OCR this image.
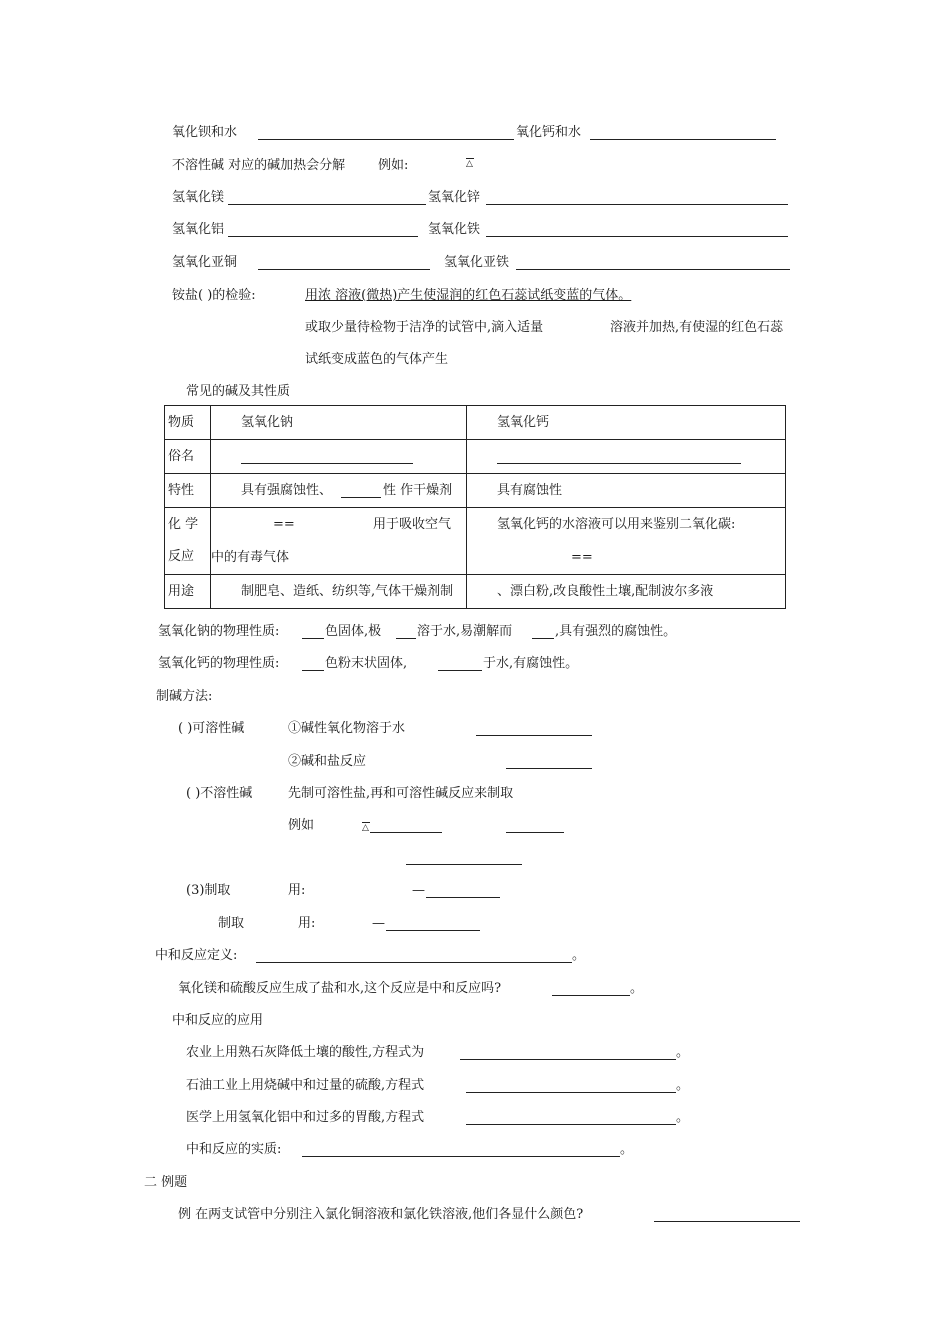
氧化钡和水	氧化钙和水
不溶性碱 对应的碱加热会分解	例如:	△
氢氧化镁	氢氧化锌
氢氧化铝	氢氧化铁
氢氧化亚铜	氢氧化亚铁
铵盐( )的检验:	用浓 溶液(微热)产生使湿润的红色石蕊试纸变蓝的气体。
或取少量待检物于洁净的试管中,滴入适量	溶液并加热,有使湿的红色石蕊
试纸变成蓝色的气体产生
常见的碱及其性质
物质	氢氧化钠	氢氧化钙

俗名		

特性	具有强腐蚀性、 性 作干燥剂	具有腐蚀性

化 学
反应	== 用于吸收空气
中的有毒气体	氢氧化钙的水溶液可以用来鉴别二氧化碳:
==

用途	制肥皂、造纸、纺织等,气体干燥剂制	、漂白粉,改良酸性土壤,配制波尔多液
氢氧化钠的物理性质:	色固体,极	溶于水,易潮解而	,具有强烈的腐蚀性。
氢氧化钙的物理性质:	色粉末状固体,	于水,有腐蚀性。
制碱方法:
( )可溶性碱	①碱性氧化物溶于水
②碱和盐反应
( )不溶性碱	先制可溶性盐,再和可溶性碱反应来制取
例如	△
(3)制取	用:	—
制取	用:	—
中和反应定义:	。
氧化镁和硫酸反应生成了盐和水,这个反应是中和反应吗?	。
中和反应的应用
农业上用熟石灰降低土壤的酸性,方程式为	。
石油工业上用烧碱中和过量的硫酸,方程式	。
医学上用氢氧化铝中和过多的胃酸,方程式	。
中和反应的实质:	。
二 例题
例 在两支试管中分别注入氯化铜溶液和氯化铁溶液,他们各显什么颜色?
